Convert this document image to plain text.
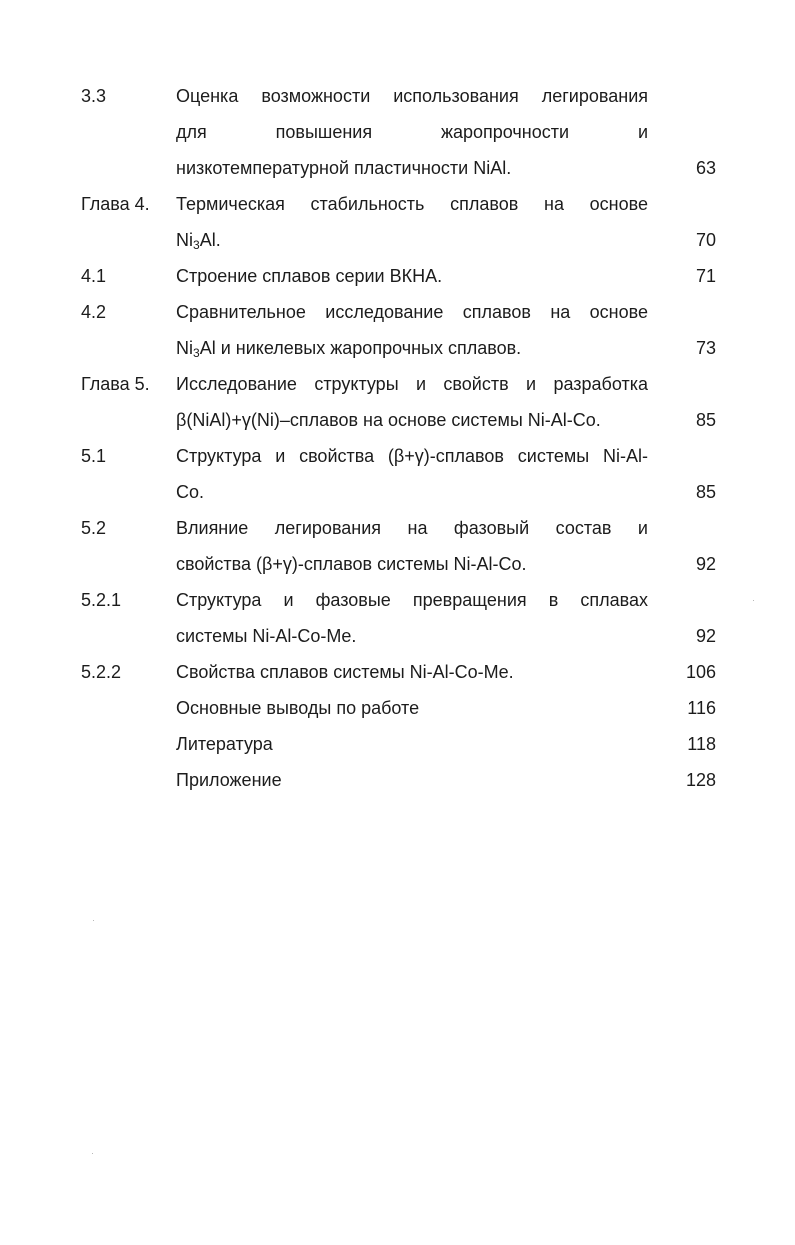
3.3	Оценка возможности использования легирования
для повышения жаропрочности и
низкотемпературной пластичности NiAl.	63
Глава 4. Термическая стабильность сплавов на основе
$Ni_3Al$.	70
4.1	Строение сплавов серии ВКНА.	71
4.2	Сравнительное исследование сплавов на основе
$Ni_3Al$ и никелевых жаропрочных сплавов.	73
Глава 5. Исследование структуры и свойств и разработка
β(NiAl)+γ(Ni)–сплавов на основе системы Ni-Al-Co.	85
5.1	Структура и свойства (β+γ)-сплавов системы Ni-Al-
Co.	85
5.2	Влияние легирования на фазовый состав и
свойства (β+γ)-сплавов системы Ni-Al-Co.	92
5.2.1	Структура и фазовые превращения в сплавах
системы Ni-Al-Co-Me.	92
5.2.2	Свойства сплавов системы Ni-Al-Co-Me.	106
Основные выводы по работе	116
Литература	118
Приложение	128
